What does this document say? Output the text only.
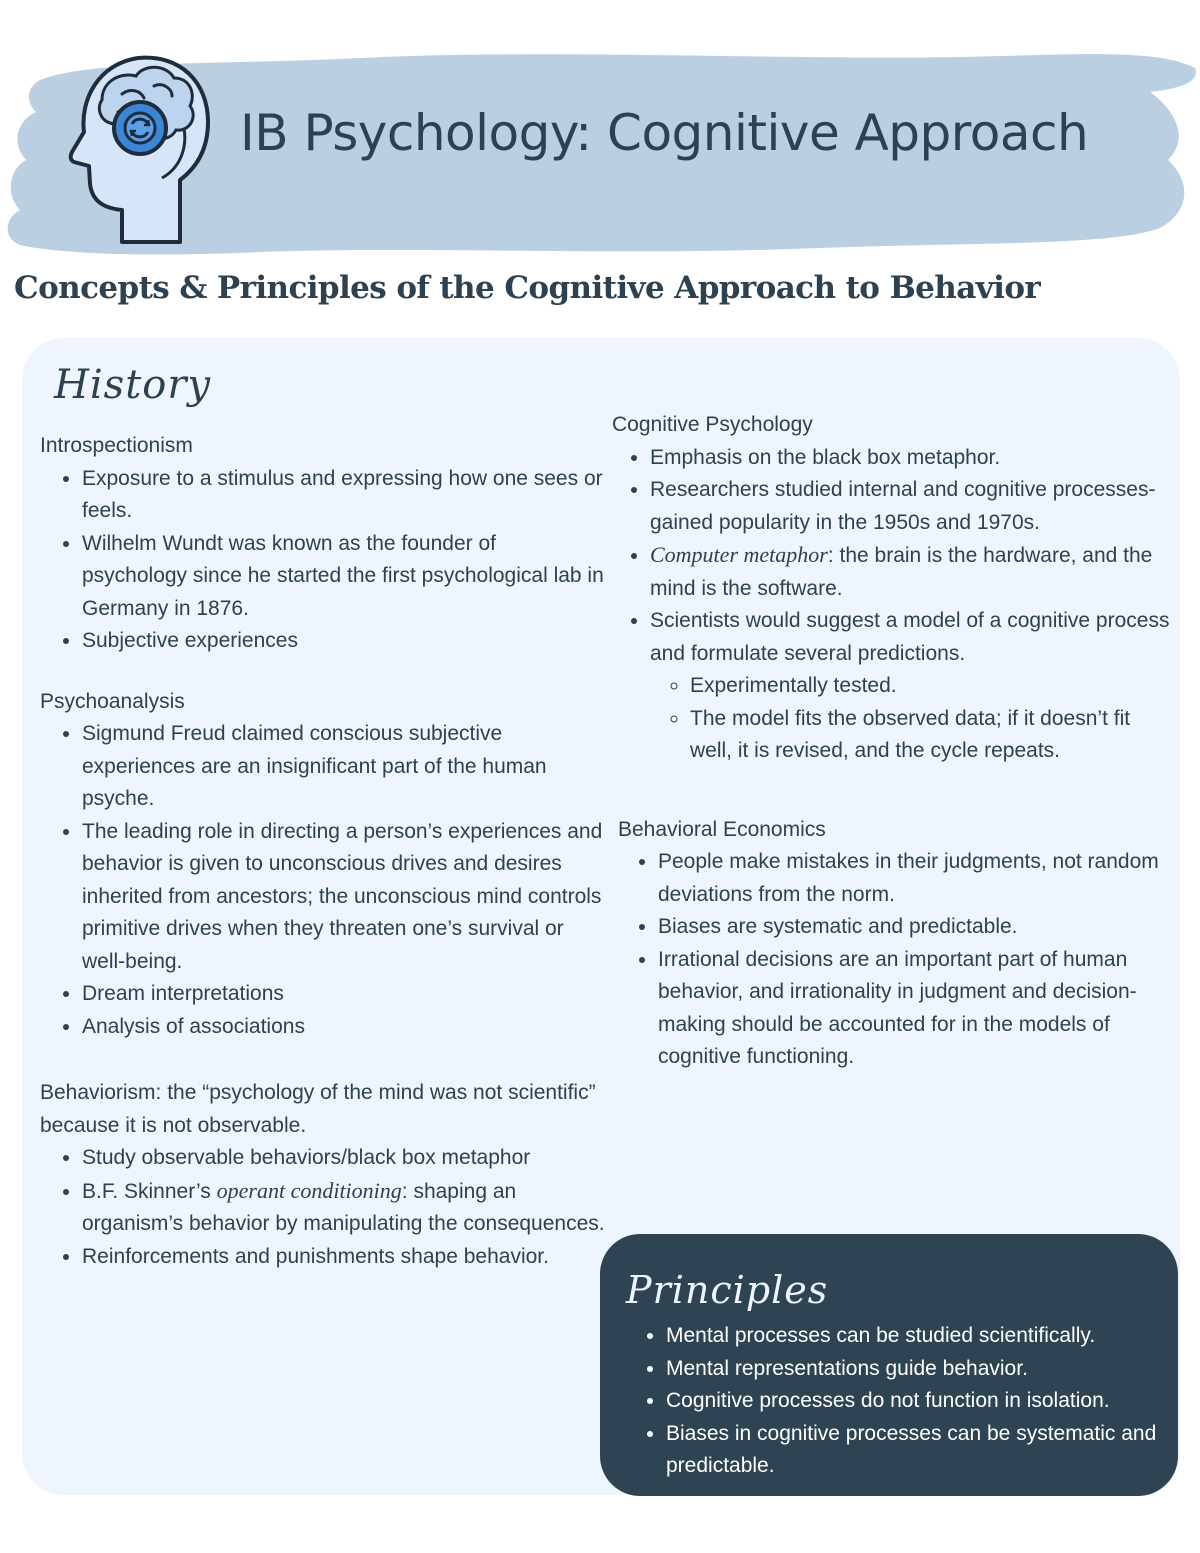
IB Psychology: Cognitive Approach
Concepts & Principles of the Cognitive Approach to Behavior
History

Introspectionism

• Exposure to a stimulus and expressing how one sees or feels.
• Wilhelm Wundt was known as the founder of psychology since he started the first psychological lab in Germany in 1876.
• Subjective experiences

Psychoanalysis

• Sigmund Freud claimed conscious subjective experiences are an insignificant part of the human psyche.
• The leading role in directing a person’s experiences and behavior is given to unconscious drives and desires inherited from ancestors; the unconscious mind controls primitive drives when they threaten one’s survival or well-being.
• Dream interpretations
• Analysis of associations

Behaviorism: the “psychology of the mind was not scientific” because it is not observable.

• Study observable behaviors/black box metaphor
• B.F. Skinner’s operant conditioning: shaping an organism’s behavior by manipulating the consequences.
• Reinforcements and punishments shape behavior.

Cognitive Psychology

• Emphasis on the black box metaphor.
• Researchers studied internal and cognitive processes- gained popularity in the 1950s and 1970s.
• Computer metaphor: the brain is the hardware, and the mind is the software.
• Scientists would suggest a model of a cognitive process and formulate several predictions.
◦ Experimentally tested.
◦ The model fits the observed data; if it doesn’t fit well, it is revised, and the cycle repeats.

Behavioral Economics

• People make mistakes in their judgments, not random deviations from the norm.
• Biases are systematic and predictable.
• Irrational decisions are an important part of human behavior, and irrationality in judgment and decision-making should be accounted for in the models of cognitive functioning.
Principles
• Mental processes can be studied scientifically.
• Mental representations guide behavior.
• Cognitive processes do not function in isolation.
• Biases in cognitive processes can be systematic and predictable.
